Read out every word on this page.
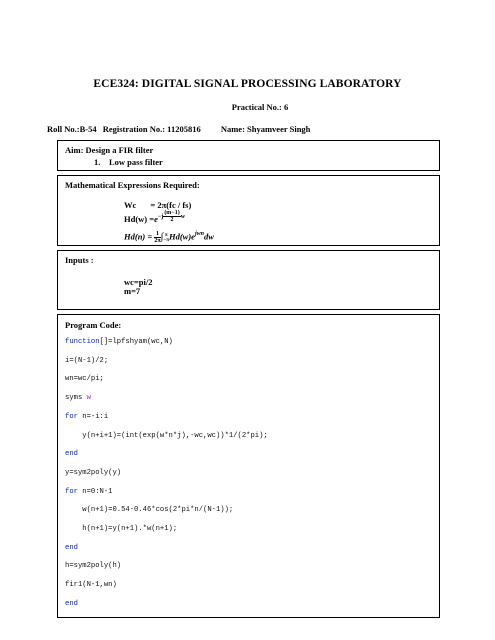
ECE324: DIGITAL SIGNAL PROCESSING LABORATORY
Practical No.: 6
Roll No.:B-54 Registration No.: 11205816 Name: Shyamveer Singh
Aim: Design a FIR filter
1. Low pass filter
Mathematical Expressions Required:
Wc = 2π(fc / fs)
$Hd(w) =e^{-j \frac{(m-1)}{2} w}$
$Hd(n) = \frac{1}{2\pi}$ ∫ π
−π $Hd(w)e^{jwn}dw$
Inputs :
wc=pi/2
m=7
Program Code:
function[]=lpfshyam(wc,N)
i=(N-1)/2;
wn=wc/pi;
syms w
for n=-i:i
y(n+i+1)=(int(exp(w*n*j),-wc,wc))*1/(2*pi);
end
y=sym2poly(y)
for n=0:N-1
w(n+1)=0.54-0.46*cos(2*pi*n/(N-1));
h(n+1)=y(n+1).*w(n+1);
end
h=sym2poly(h)
fir1(N-1,wn)
end
